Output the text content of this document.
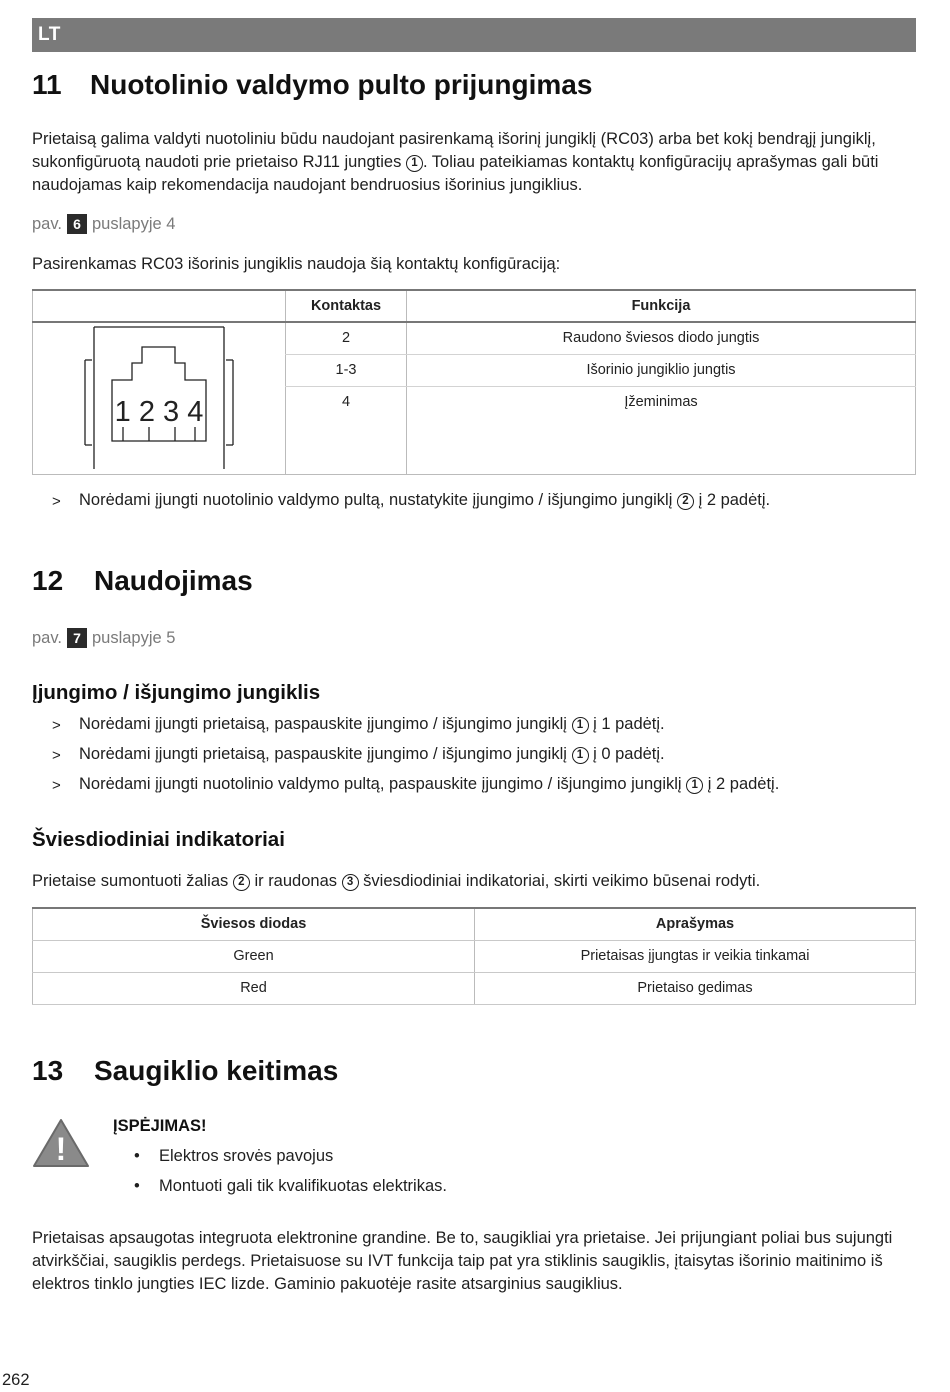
LT
11	Nuotolinio valdymo pulto prijungimas
Prietaisą galima valdyti nuotoliniu būdu naudojant pasirenkamą išorinį jungiklį (RC03) arba bet kokį bendrąjį jungiklį, sukonfigūruotą naudoti prie prietaiso RJ11 jungties 1 . Toliau pateikiamas kontaktų konfigūracijų aprašymas gali būti naudojamas kaip rekomendacija naudojant bendruosius išorinius jungiklius.
pav. 6 puslapyje 4
Pasirenkamas RC03 išorinis jungiklis naudoja šią kontaktų konfigūraciją:
	Kontaktas	Funkcija

1 2 3 4	2	Raudono šviesos diodo jungtis
	1-3	Išorinio jungiklio jungtis
	4	Įžeminimas

>	Norėdami įjungti nuotolinio valdymo pultą, nustatykite įjungimo / išjungimo jungiklį 2 į 2 padėtį.
12	Naudojimas
pav. 7 puslapyje 5
Įjungimo / išjungimo jungiklis
>	Norėdami įjungti prietaisą, paspauskite įjungimo / išjungimo jungiklį 1 į 1 padėtį.
>	Norėdami įjungti prietaisą, paspauskite įjungimo / išjungimo jungiklį 1 į 0 padėtį.
>	Norėdami įjungti nuotolinio valdymo pultą, paspauskite įjungimo / išjungimo jungiklį 1 į 2 padėtį.
Šviesdiodiniai indikatoriai
Prietaise sumontuoti žalias 2 ir raudonas 3 šviesdiodiniai indikatoriai, skirti veikimo būsenai rodyti.
Šviesos diodas	Aprašymas
Green	Prietaisas įjungtas ir veikia tinkamai
Red	Prietaiso gedimas
13	Saugiklio keitimas
!
ĮSPĖJIMAS!
•	Elektros srovės pavojus
•	Montuoti gali tik kvalifikuotas elektrikas.
Prietaisas apsaugotas integruota elektronine grandine. Be to, saugikliai yra prietaise. Jei prijungiant poliai bus sujungti atvirkščiai, saugiklis perdegs. Prietaisuose su IVT funkcija taip pat yra stiklinis saugiklis, įtaisytas išorinio maitinimo iš elektros tinklo jungties IEC lizde. Gaminio pakuotėje rasite atsarginius saugiklius.
262
